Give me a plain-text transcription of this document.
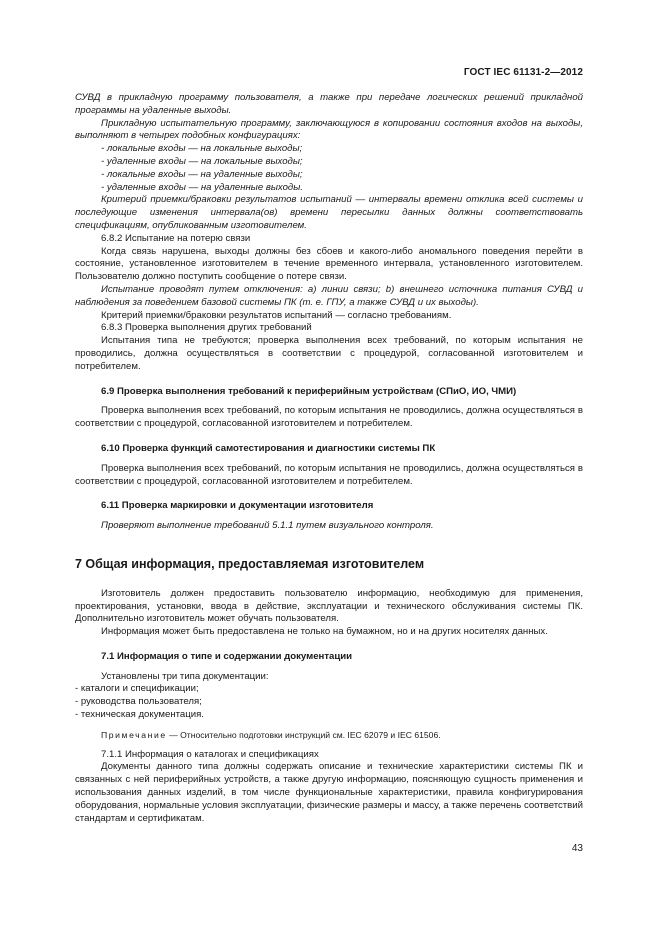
ГОСТ IEC 61131-2—2012

СУВД в прикладную программу пользователя, а также при передаче логических решений прикладной программы на удаленные выходы.

Прикладную испытательную программу, заключающуюся в копировании состояния входов на выходы, выполняют в четырех подобных конфигурациях:

- локальные входы — на локальные выходы;

- удаленные входы — на локальные выходы;

- локальные входы — на удаленные выходы;

- удаленные входы — на удаленные выходы.

Критерий приемки/браковки результатов испытаний — интервалы времени отклика всей системы и последующие изменения интервала(ов) времени пересылки данных должны соответствовать спецификациям, опубликованным изготовителем.

6.8.2 Испытание на потерю связи

Когда связь нарушена, выходы должны без сбоев и какого-либо аномального поведения перейти в состояние, установленное изготовителем в течение временного интервала, установленного изготовителем. Пользователю должно поступить сообщение о потере связи.

Испытание проводят путем отключения: а) линии связи; b) внешнего источника питания СУВД и наблюдения за поведением базовой системы ПК (т. е. ГПУ, а также СУВД и их выходы).

Критерий приемки/браковки результатов испытаний — согласно требованиям.

6.8.3 Проверка выполнения других требований

Испытания типа не требуются; проверка выполнения всех требований, по которым испытания не проводились, должна осуществляться в соответствии с процедурой, согласованной изготовителем и потребителем.

6.9 Проверка выполнения требований к периферийным устройствам (СПиО, ИО, ЧМИ)

Проверка выполнения всех требований, по которым испытания не проводились, должна осуществляться в соответствии с процедурой, согласованной изготовителем и потребителем.

6.10 Проверка функций самотестирования и диагностики системы ПК

Проверка выполнения всех требований, по которым испытания не проводились, должна осуществляться в соответствии с процедурой, согласованной изготовителем и потребителем.

6.11 Проверка маркировки и документации изготовителя

Проверяют выполнение требований 5.1.1 путем визуального контроля.

7 Общая информация, предоставляемая изготовителем

Изготовитель должен предоставить пользователю информацию, необходимую для применения, проектирования, установки, ввода в действие, эксплуатации и технического обслуживания системы ПК. Дополнительно изготовитель может обучать пользователя.

Информация может быть предоставлена не только на бумажном, но и на других носителях данных.

7.1 Информация о типе и содержании документации

Установлены три типа документации:

- каталоги и спецификации;

- руководства пользователя;

- техническая документация.

Примечание — Относительно подготовки инструкций см. IEC 62079 и IEC 61506.

7.1.1 Информация о каталогах и спецификациях

Документы данного типа должны содержать описание и технические характеристики системы ПК и связанных с ней периферийных устройств, а также другую информацию, поясняющую сущность применения и использования данных изделий, в том числе функциональные характеристики, правила конфигурирования оборудования, нормальные условия эксплуатации, физические размеры и массу, а также перечень соответствий стандартам и сертификатам.

43
